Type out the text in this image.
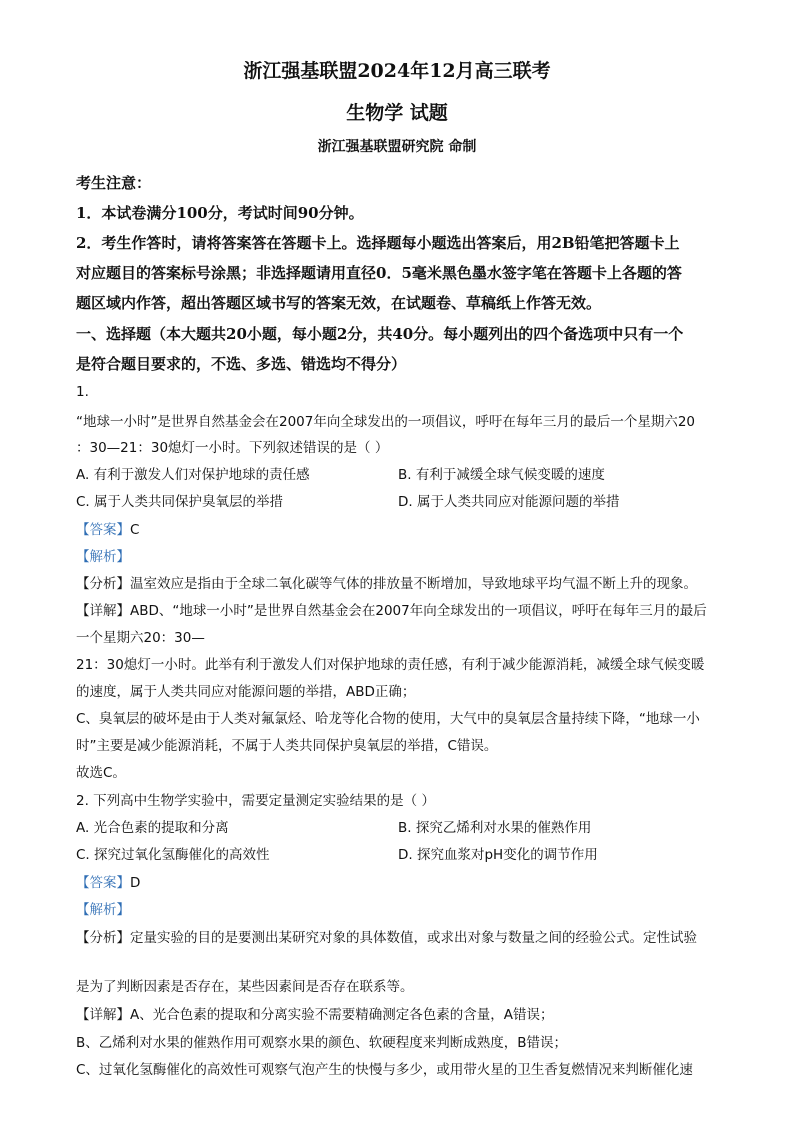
浙江强基联盟2024年12月高三联考
生物学 试题
浙江强基联盟研究院 命制
考生注意：
1．本试卷满分100分，考试时间90分钟。
2．考生作答时，请将答案答在答题卡上。选择题每小题选出答案后，用2B铅笔把答题卡上
对应题目的答案标号涂黑；非选择题请用直径0．5毫米黑色墨水签字笔在答题卡上各题的答
题区域内作答，超出答题区域书写的答案无效，在试题卷、草稿纸上作答无效。
一、选择题（本大题共20小题，每小题2分，共40分。每小题列出的四个备选项中只有一个
是符合题目要求的，不选、多选、错选均不得分）
1.
“地球一小时”是世界自然基金会在2007年向全球发出的一项倡议，呼吁在每年三月的最后一个星期六20
：30—21：30熄灯一小时。下列叙述错误的是（ ）
A. 有利于激发人们对保护地球的责任感	B. 有利于减缓全球气候变暖的速度
C. 属于人类共同保护臭氧层的举措	D. 属于人类共同应对能源问题的举措
【答案】C
【解析】
【分析】温室效应是指由于全球二氧化碳等气体的排放量不断增加，导致地球平均气温不断上升的现象。
【详解】ABD、“地球一小时”是世界自然基金会在2007年向全球发出的一项倡议，呼吁在每年三月的最后
一个星期六20：30—
21：30熄灯一小时。此举有利于激发人们对保护地球的责任感，有利于减少能源消耗，减缓全球气候变暖
的速度，属于人类共同应对能源问题的举措，ABD正确；
C、臭氧层的破坏是由于人类对氟氯烃、哈龙等化合物的使用，大气中的臭氧层含量持续下降，“地球一小
时”主要是减少能源消耗，不属于人类共同保护臭氧层的举措，C错误。
故选C。
2. 下列高中生物学实验中，需要定量测定实验结果的是（ ）
A. 光合色素的提取和分离	B. 探究乙烯利对水果的催熟作用
C. 探究过氧化氢酶催化的高效性	D. 探究血浆对pH变化的调节作用
【答案】D
【解析】
【分析】定量实验的目的是要测出某研究对象的具体数值，或求出对象与数量之间的经验公式。定性试验
是为了判断因素是否存在，某些因素间是否存在联系等。
【详解】A、光合色素的提取和分离实验不需要精确测定各色素的含量，A错误；
B、乙烯利对水果的催熟作用可观察水果的颜色、软硬程度来判断成熟度，B错误；
C、过氧化氢酶催化的高效性可观察气泡产生的快慢与多少，或用带火星的卫生香复燃情况来判断催化速
